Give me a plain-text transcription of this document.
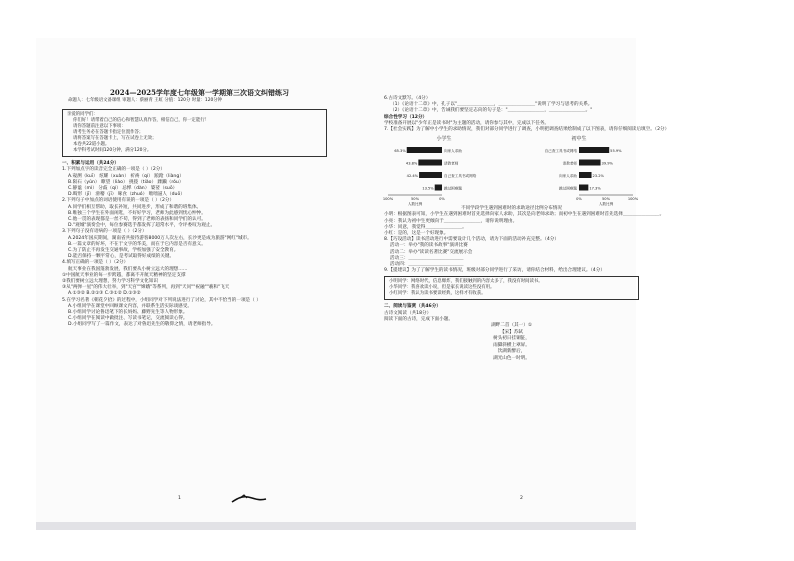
2024—2025学年度七年级第一学期第三次语文纠错练习
命题人：七年级语文备课组 审题人：蔡丽青 王虹 分值：120分 时量：120分钟
亲爱的同学们：
你们好！请带着自己的信心和智慧认真作答，相信自己，你一定能行！
请你答题前注意以下事项：
请考生务必在答题卡指定位置作答；
请将答案写在答题卡上，写在试卷上无效；
本卷共22道小题。
本学科考试时间120分钟，满分120分。
一、积累与运用（共24分）
1.下列加点字的读音完全正确的一项是（ ）（2分）
A.窥测（kuī） 炫耀（xuàn） 祈祷（qí） 踉跄（liàng）
B.陨石（yǔn） 瞭望（liào） 挑拨（tiǎo） 蹂躏（róu）
C.静谧（mì） 分歧（qí） 忌惮（dàn） 婆娑（suō）
D.畸形（jī） 滑稽（jī） 啄食（zhuó） 咄咄逼人（duō）
2.下列句子中加点的词语使用有误的一项是（ ）（2分）
A.同学们相互帮助，取长补短，共同进步，形成了和谐的班集体。
B.唯独三个学生在外面闲逛，不好好学习，老师为此感到忧心忡忡。
C.他一贯的表现都是一丝不苟，得到了老师的表扬和同学们的认可。
D."观城"演奏会中，每位参赛选手都发挥了超常水平，令评委叹为观止。
3.下列句子没有语病的一项是（ ）（2分）
A.2024年国庆期间，湖南省共接待游客8000万人次左右，长沙更是成为旅游"网红"城市。
B.一篇文章的好坏，不在于文字的华美，而在于它内容是否有意义。
C.为了防止不再发生交通事故，学校加强了安全教育。
D.能否保持一颗平常心，是考试取得好成绩的关键。
4.填写正确的一项是（ ）（2分）
航天事业在我国蓬勃发展，我们要从小树立远大的理想……
①中国航天事业的每一步跨越，都离不开航天精神的坚定支撑
②我们要树立远大理想，努力学习科学文化知识
③从"两弹一星"的伟大壮举，到"天宫""嫦娥"等系列，再到"天问""祝融""羲和"飞天
A.①③② B.②①③ C.③①② D.①③②
5.在学习名著《朝花夕拾》的过程中，小组同学对下列说法进行了讨论，其中不恰当的一项是（ ）
A.小组同学在课堂中回顾课文内容，并联系生活实际谈感受。
B.小组同学讨论鲁迅笔下的长妈妈、藤野先生等人物形象。
C.小组同学在阅读中做批注、写读书笔记，交流阅读心得。
D.小组同学写了一篇作文，表达了对鲁迅先生的敬仰之情，请老师指导。
1
6.古诗文默写。（4分）
（1）《论语十二章》中，孔子以"＿＿＿＿＿＿＿＿，＿＿＿＿＿＿＿＿"说明了学习与思考的关系。
（2）《论语十二章》中，告诫我们要坚定志向的句子是："＿＿＿＿＿＿＿＿，＿＿＿＿＿＿＿＿。"
综合性学习（12分）
学校准备开展以"少年正是读书时"为主题的活动，请你参与其中，完成以下任务。
7.【社会实践】为了解中小学生的求助情况，我们对部分同学进行了调查，小明把调查结果绘制成了以下图表，请你仔细阅读后填空。（2分）
小学生
100%	50%	0%
人数比例
65.3%	向家人求助
43.8%	请教老师
42.4%	自己查工具书或网络
13.5%	跳过困难题
初中生
0%	50%	100%
人数比例
55.9%
自己查工具书或网络
39.9%
请教老师
23.2%
向家人求助
17.3%
跳过困难题
不同学段学生遇到困难时的求助途径比例分布情况
小明：根据图表可知，小学生在遇到困难时首先选择向家人求助，其次是向老师求助；而初中生在遇到困难时首先选择＿＿＿＿＿＿＿＿。
小亮：我认为初中生更倾向于＿＿＿＿＿＿＿＿，请你说明理由。
小华：同意，我觉得＿＿＿＿＿＿＿＿。
小红：是的，这是一个好现象。
8.【巧设活动】读书活动进行中需要设计几个活动，请为下面的活动补充完整。（4分）
活动一：举办"我的读书故事"演讲比赛
活动二：举办"读读名著比赛"交流展示会
活动三：＿＿＿＿＿＿＿＿＿＿＿＿
活动四：＿＿＿＿＿＿＿＿＿＿＿＿
9.【提建议】为了了解学生的读书情况，班级对部分同学进行了采访，请你结合材料，给出合理建议。（4分）
小明同学：网络时代，信息爆炸，我们接触到的内容太多了，我没有时间读书。
小华同学：我喜欢读小说，但是家长说读这些没有用。
小红同学：我认为读书要读经典，这样才有收获。
二、阅读与鉴赏（共46分）
古诗文阅读（共18分）
阅读下面的古诗，完成下面小题。
湖畔二首（其一）①
【宋】苏轼
树头初日挂铜钲，
雨脚斜横上翠屏。
饮湖新醉后，
湖光山色一时明。
2
